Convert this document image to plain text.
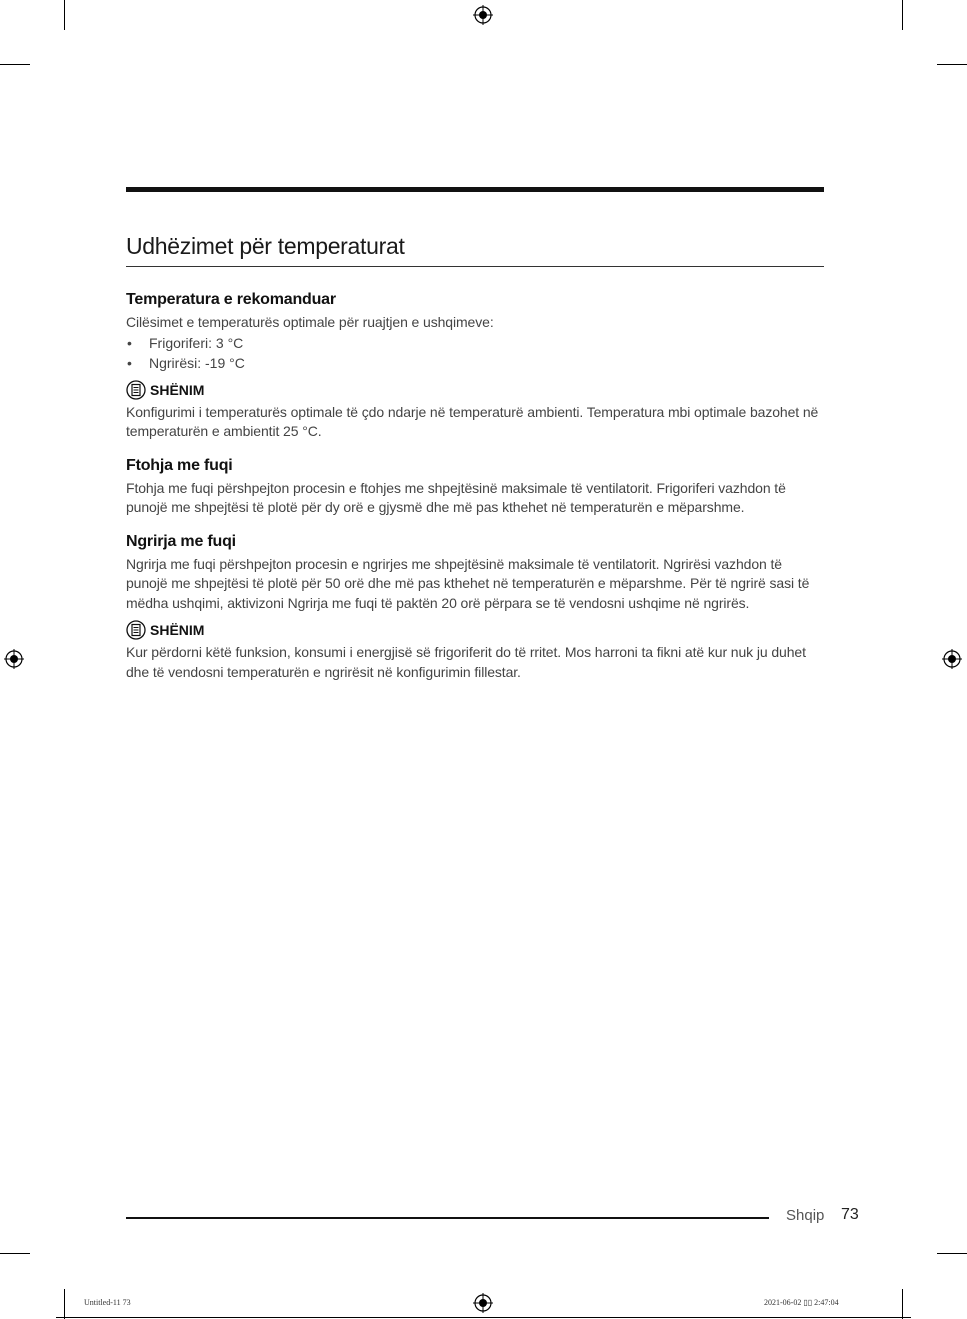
Udhëzimet për temperaturat
Temperatura e rekomanduar

Cilësimet e temperaturës optimale për ruajtjen e ushqimeve:

• Frigoriferi: 3 °C
• Ngrirësi: -19 °C
SHËNIM

Konfigurimi i temperaturës optimale të çdo ndarje në temperaturë ambienti. Temperatura mbi optimale bazohet në temperaturën e ambientit 25 °C.

Ftohja me fuqi

Ftohja me fuqi përshpejton procesin e ftohjes me shpejtësinë maksimale të ventilatorit. Frigoriferi vazhdon të punojë me shpejtësi të plotë për dy orë e gjysmë dhe më pas kthehet në temperaturën e mëparshme.

Ngrirja me fuqi

Ngrirja me fuqi përshpejton procesin e ngrirjes me shpejtësinë maksimale të ventilatorit. Ngrirësi vazhdon të punojë me shpejtësi të plotë për 50 orë dhe më pas kthehet në temperaturën e mëparshme. Për të ngrirë sasi të mëdha ushqimi, aktivizoni Ngrirja me fuqi të paktën 20 orë përpara se të vendosni ushqime në ngrirës.

SHËNIM

Kur përdorni këtë funksion, konsumi i energjisë së frigoriferit do të rritet. Mos harroni ta fikni atë kur nuk ju duhet dhe të vendosni temperaturën e ngrirësit në konfigurimin fillestar.

Shqip 73
Untitled-11 73	2021-06-02 ▯▯ 2:47:04
